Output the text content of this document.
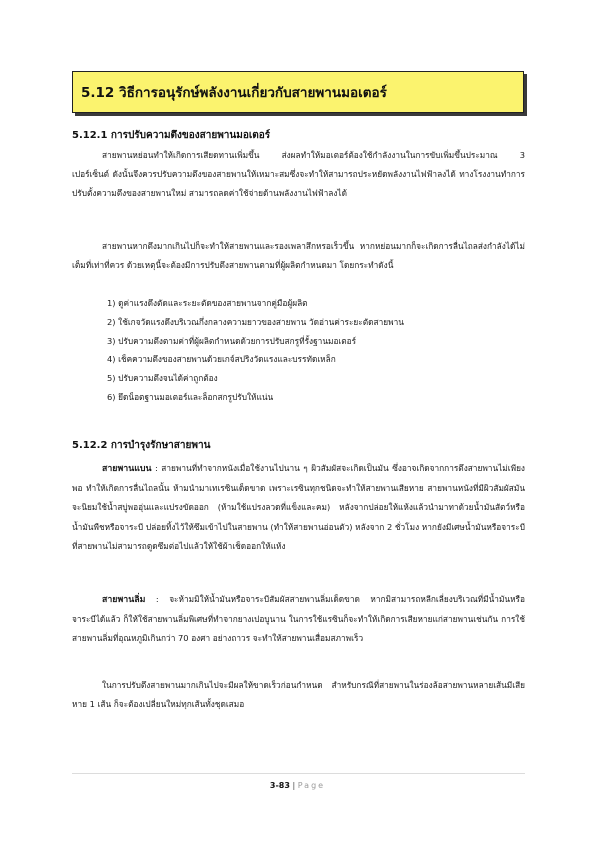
5.12 วิธีการอนุรักษ์พลังงานเกี่ยวกับสายพานมอเตอร์
5.12.1 การปรับความตึงของสายพานมอเตอร์

สายพานหย่อนทำให้เกิดการเสียดทานเพิ่มขึ้น ส่งผลทำให้มอเตอร์ต้องใช้กำลังงานในการขับเพิ่มขึ้นประมาณ 3 เปอร์เซ็นต์ ดังนั้นจึงควรปรับความตึงของสายพานให้เหมาะสมซึ่งจะทำให้สามารถประหยัดพลังงานไฟฟ้าลงได้ ทางโรงงานทำการปรับตั้งความตึงของสายพานใหม่ สามารถลดค่าใช้จ่ายด้านพลังงานไฟฟ้าลงได้

สายพานหากตึงมากเกินไปก็จะทำให้สายพานและรองเพลาสึกหรอเร็วขึ้น หากหย่อนมากก็จะเกิดการลื่นไถลส่งกำลังได้ไม่เต็มที่เท่าที่ควร ด้วยเหตุนี้จะต้องมีการปรับตึงสายพานตามที่ผู้ผลิตกำหนดมา โดยกระทำดังนี้

1) ดูค่าแรงดึงตัดและระยะตัดของสายพานจากคู่มือผู้ผลิต
2) ใช้เกจวัดแรงดึงบริเวณกึ่งกลางความยาวของสายพาน วัดอ่านค่าระยะตัดสายพาน
3) ปรับความตึงตามค่าที่ผู้ผลิตกำหนดด้วยการปรับสกรูที่รั้งฐานมอเตอร์
4) เช็คความตึงของสายพานด้วยเกจ์สปริงวัดแรงและบรรทัดเหล็ก
5) ปรับความตึงจนได้ค่าถูกต้อง
6) ยึดน็อตฐานมอเตอร์และล็อกสกรูปรับให้แน่น
5.12.2 การบำรุงรักษาสายพาน

สายพานแบน : สายพานที่ทำจากหนังเมื่อใช้งานไปนาน ๆ ผิวสัมผัสจะเกิดเป็นมัน ซึ่งอาจเกิดจากการตึงสายพานไม่เพียงพอ ทำให้เกิดการลื่นไถลนั้น ห้ามนำมาเทเรซินเด็ดขาด เพราะเรซินทุกชนิดจะทำให้สายพานเสียหาย สายพานหนังที่มีผิวสัมผัสมัน จะนิยมใช้น้ำสบู่พออุ่นและแปรงขัดออก (ห้ามใช้แปรงลวดที่แข็งและคม) หลังจากปล่อยให้แห้งแล้วนำมาทาด้วยน้ำมันสัตว์หรือน้ำมันพืชหรือจาระบี ปล่อยทิ้งไว้ให้ซึมเข้าไปในสายพาน (ทำให้สายพานอ่อนตัว) หลังจาก 2 ชั่วโมง หากยังมีเศษน้ำมันหรือจาระบีที่สายพานไม่สามารถดูดซึมต่อไปแล้วให้ใช้ผ้าเช็ดออกให้แห้ง

สายพานลิ่ม : จะห้ามมิให้น้ำมันหรือจาระบีสัมผัสสายพานลิ่มเด็ดขาด หากมิสามารถหลีกเลี่ยงบริเวณที่มีน้ำมันหรือจาระบีได้แล้ว ก็ให้ใช้สายพานลิ่มพิเศษที่ทำจากยางเปอบูนาน ในการใช้แรซินก็จะทำให้เกิดการเสียหายแก่สายพานเช่นกัน การใช้สายพานลิ่มที่อุณหภูมิเกินกว่า 70 องศา อย่างถาวร จะทำให้สายพานเสื่อมสภาพเร็ว

ในการปรับตึงสายพานมากเกินไปจะมีผลให้ขาดเร็วก่อนกำหนด สำหรับกรณีที่สายพานในร่องล้อสายพานหลายเส้นมีเสียหาย 1 เส้น ก็จะต้องเปลี่ยนใหม่ทุกเส้นทั้งชุดเสมอ

3-83 | Page
